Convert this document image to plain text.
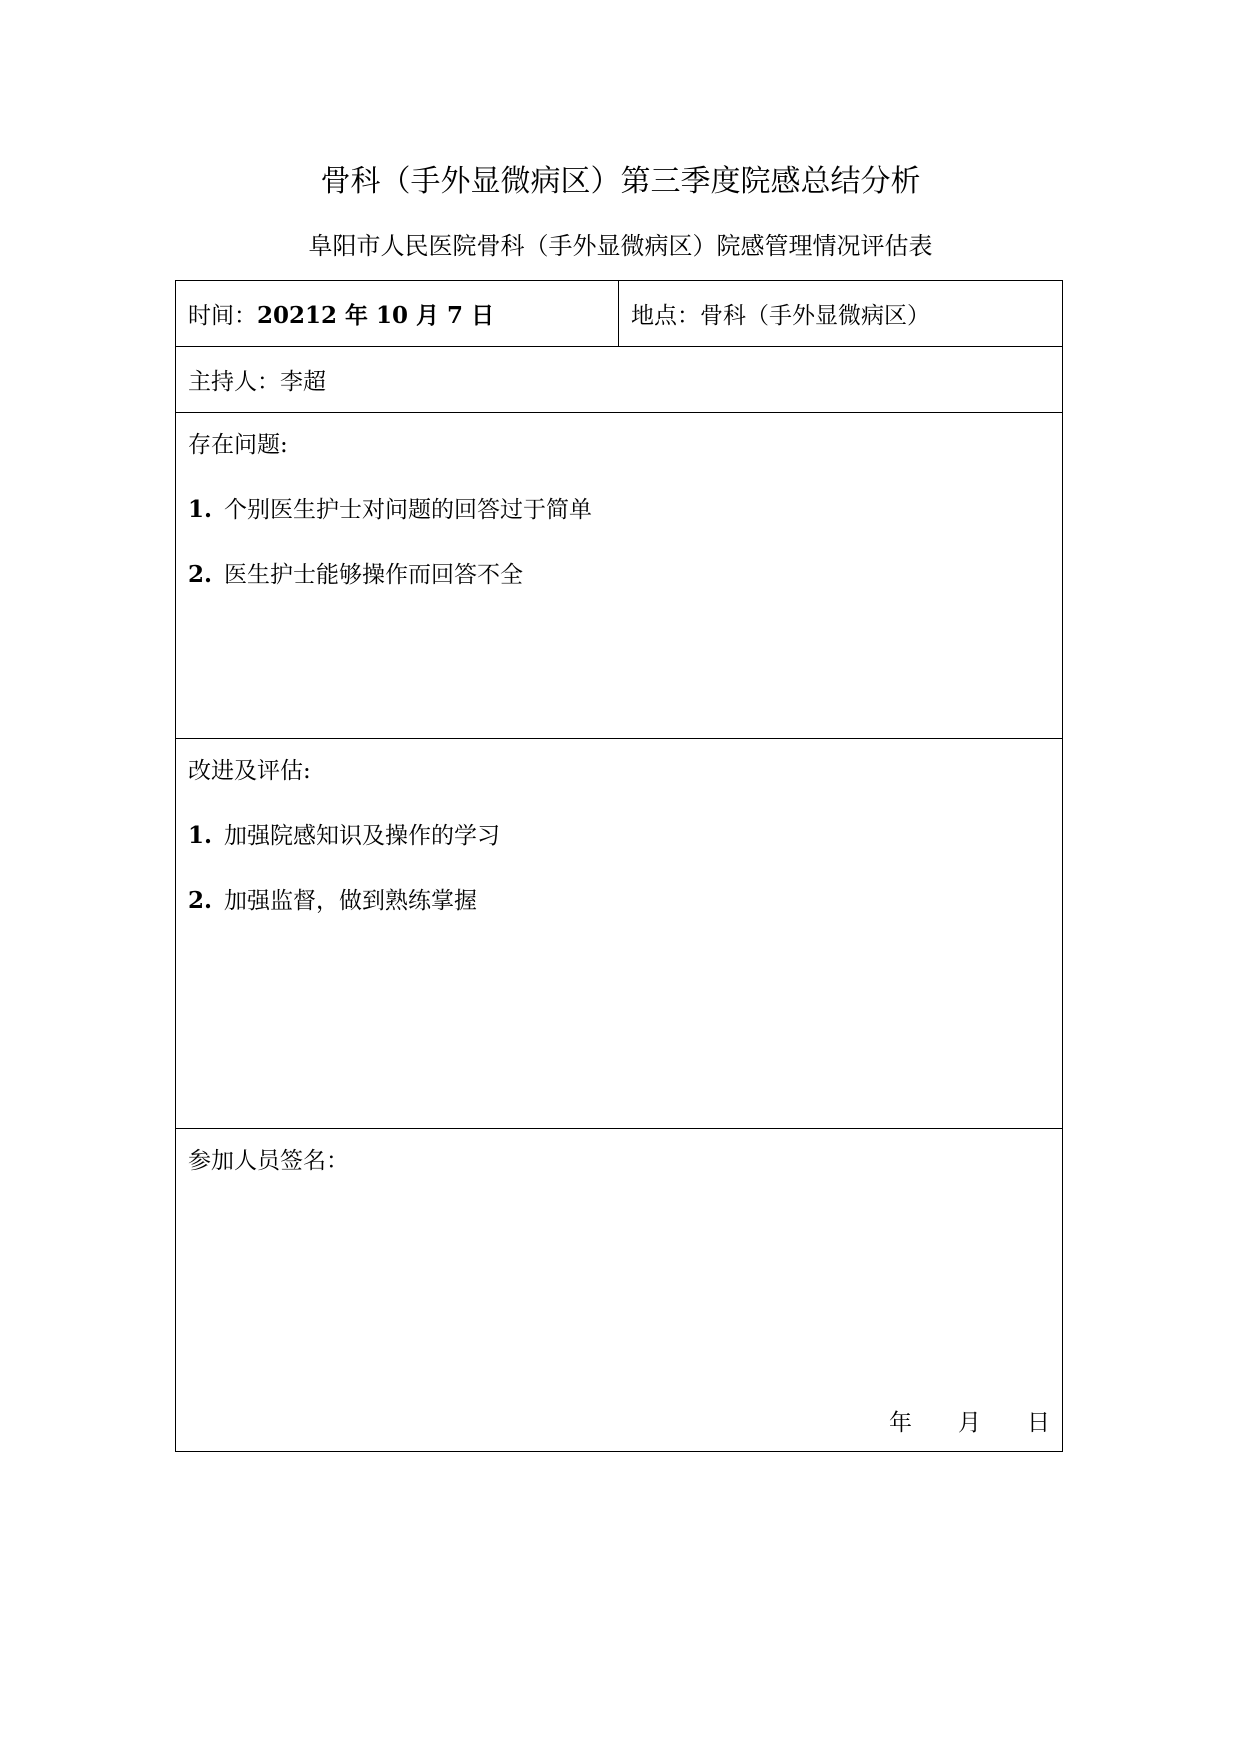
骨科（手外显微病区）第三季度院感总结分析
阜阳市人民医院骨科（手外显微病区）院感管理情况评估表
时间： 20212 年 10 月 7 日	地点： 骨科（手外显微病区）
主持人： 李超
存在问题:
1. 个别医生护士对问题的回答过于简单
2. 医生护士能够操作而回答不全
改进及评估:
1. 加强院感知识及操作的学习
2. 加强监督，做到熟练掌握
参加人员签名：
年 月 日
